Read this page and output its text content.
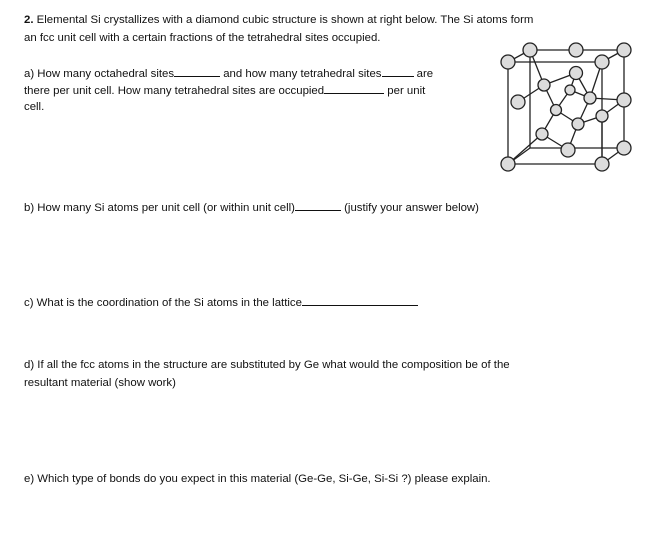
2. Elemental Si crystallizes with a diamond cubic structure is shown at right below. The Si atoms form
an fcc unit cell with a certain fractions of the tetrahedral sites occupied.
a) How many octahedral sites	and how many tetrahedral sites	are
there per unit cell. How many tetrahedral sites are occupied	per unit
cell.
b) How many Si atoms per unit cell (or within unit cell)	(justify your answer below)
c) What is the coordination of the Si atoms in the lattice
d) If all the fcc atoms in the structure are substituted by Ge what would the composition be of the
resultant material (show work)
e) Which type of bonds do you expect in this material (Ge-Ge, Si-Ge, Si-Si ?) please explain.
